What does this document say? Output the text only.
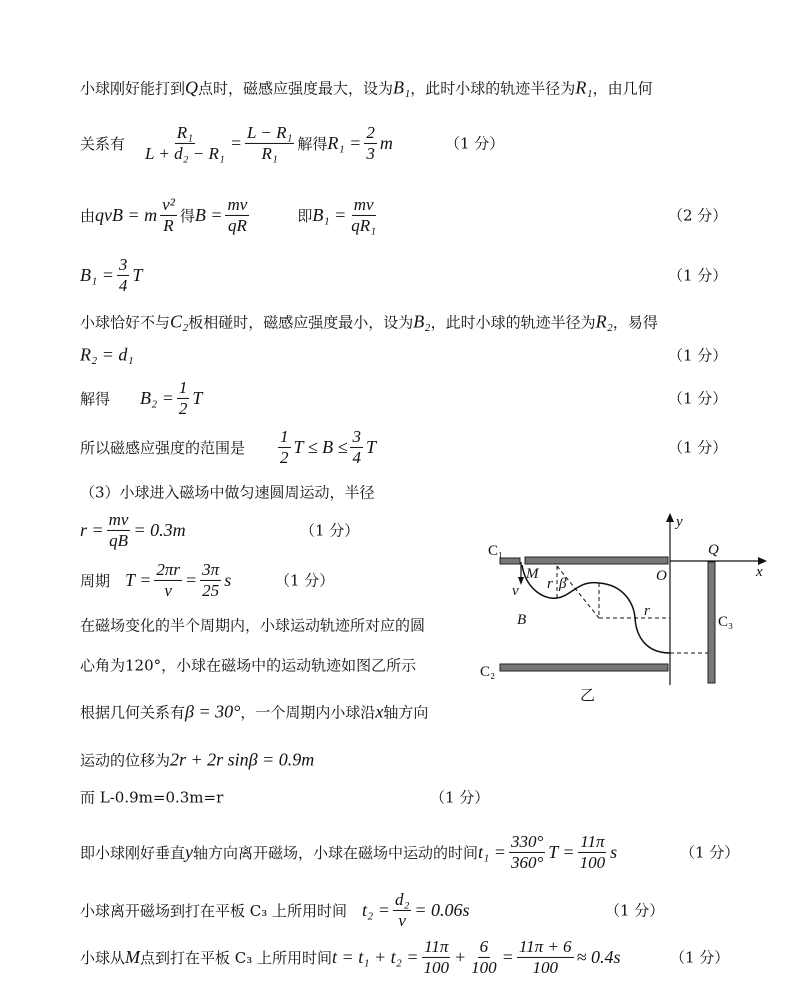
C₁
C₂
C₃
乙
M
v r β
r
B
O
Q
x
y
小球刚好能打到 Q 点时，磁感应强度最大，设为 B₁ ，此时小球的轨迹半径为 R₁ ，由几何
关系有　 $\frac{\text{R₁}}{\text{L + d₂ − R₁}} = \frac{\text{L − R₁}}{\text{R₁}}$ 解得 $R_1 = \frac{2}{3}$ m	（1 分）
由 qvB = m $\frac{\text{v²}}{R}$ 得 $B = \frac{mv}{qR}$ 　　　即 $B_1 = \frac{mv}{\text{qR₁}}$	（2 分）
$B_1 = \frac{3}{4}$ T	（1 分）
小球恰好不与 C₂ 板相碰时，磁感应强度最小，设为 B₂ ，此时小球的轨迹半径为 R₂ ，易得
R₂ = d₁	（1 分）
解得　　 $B_2 = \frac{1}{2}$ T	（1 分）
所以磁感应强度的范围是　　 $\frac{1}{2}$ $T \le B \le \frac{3}{4}$ T	（1 分）
（3）小球进入磁场中做匀速圆周运动，半径
$r = \frac{mv}{qB} = 0.3m$	（1 分）
周期　 $T = \frac{2\pi r}{v} = \frac{3\pi}{25}$ s	（1 分）
在磁场变化的半个周期内，小球运动轨迹所对应的圆
心角为120°，小球在磁场中的运动轨迹如图乙所示
根据几何关系有 β = 30° ，一个周期内小球沿 x 轴方向
运动的位移为 2r + 2r sinβ = 0.9m
而 L-0.9m=0.3m=r	（1 分）
即小球刚好垂直 y 轴方向离开磁场，小球在磁场中运动的时间 $t_1 = \frac{330^\circ}{360^\circ}$ $T = \frac{11\pi}{100}$ s	（1 分）
小球离开磁场到打在平板 C₃ 上所用时间　 $t_2 = \frac{\text{d₂}}{v} = 0.06s$	（1 分）
小球从 M 点到打在平板 C₃ 上所用时间 $t = t_1 + t_2 = \frac{11\pi}{100} + \frac{6}{100} = \frac{11\pi + 6}{100} \approx 0.4s$	（1 分）
